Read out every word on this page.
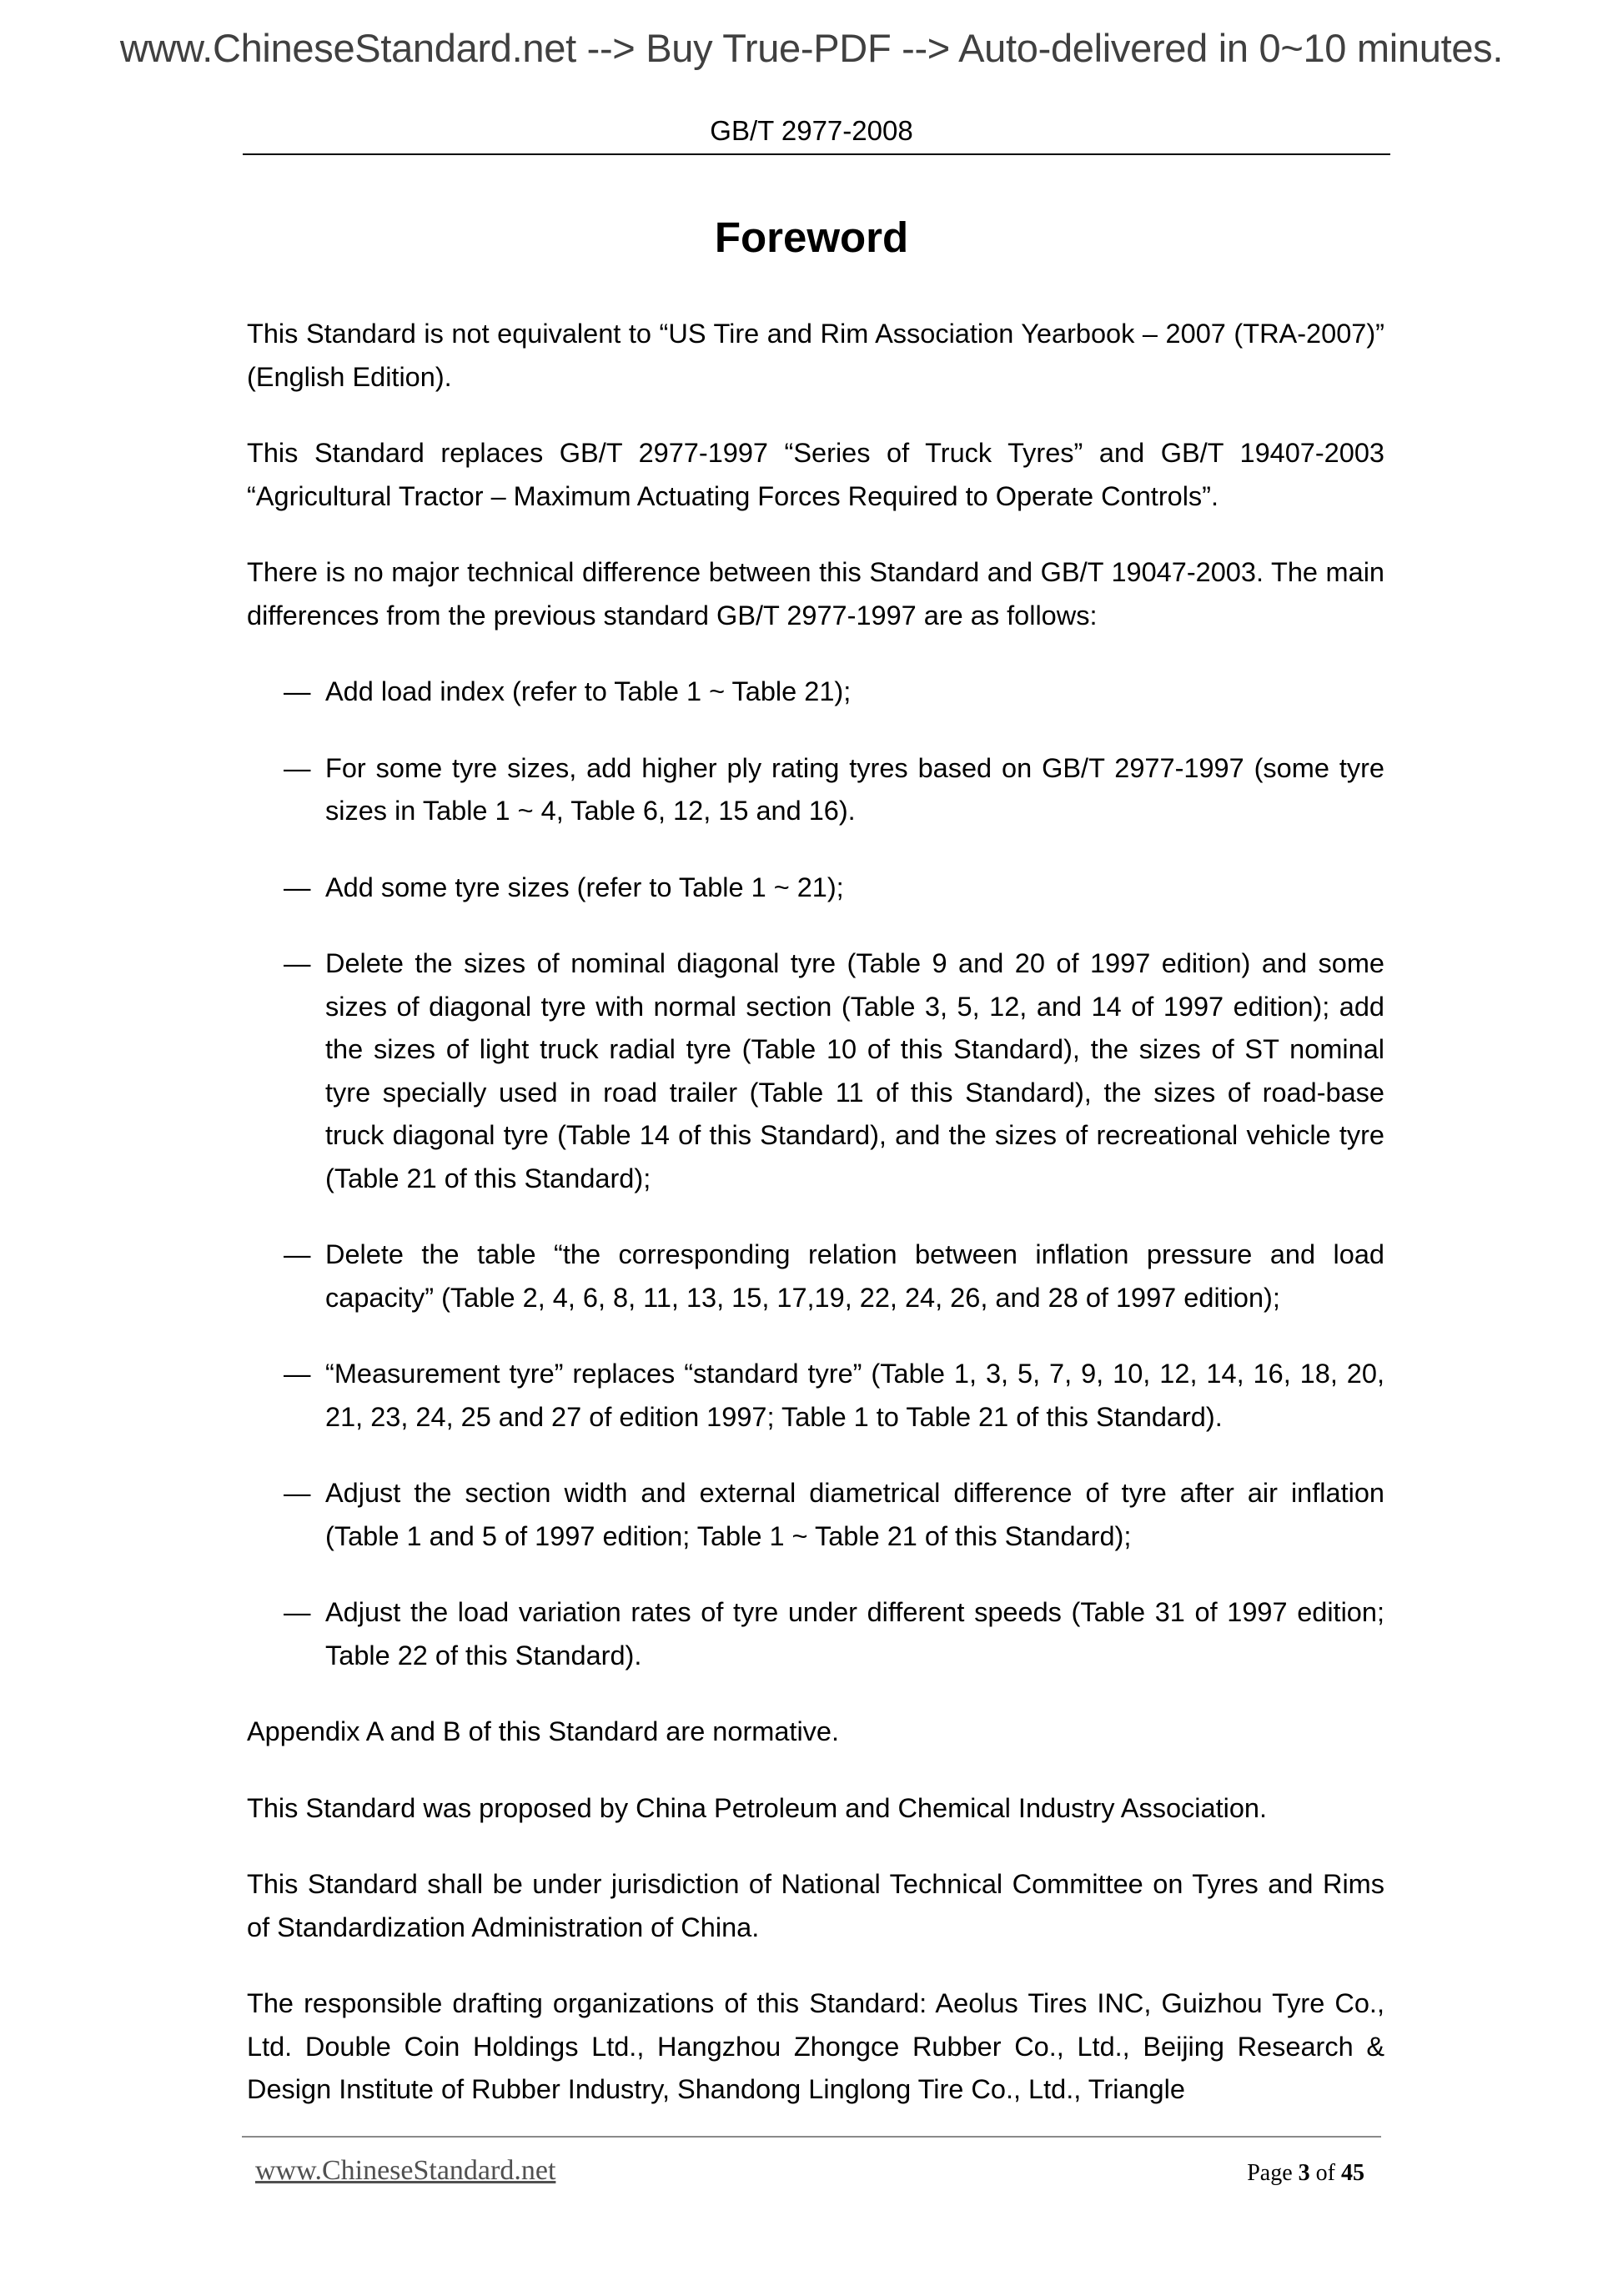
www.ChineseStandard.net --> Buy True-PDF --> Auto-delivered in 0~10 minutes.
GB/T 2977-2008
Foreword

This Standard is not equivalent to “US Tire and Rim Association Yearbook – 2007 (TRA-2007)” (English Edition).

This Standard replaces GB/T 2977-1997 “Series of Truck Tyres” and GB/T 19407-2003 “Agricultural Tractor – Maximum Actuating Forces Required to Operate Controls”.

There is no major technical difference between this Standard and GB/T 19047-2003. The main differences from the previous standard GB/T 2977-1997 are as follows:

— Add load index (refer to Table 1 ~ Table 21);
— For some tyre sizes, add higher ply rating tyres based on GB/T 2977-1997 (some tyre sizes in Table 1 ~ 4, Table 6, 12, 15 and 16).
— Add some tyre sizes (refer to Table 1 ~ 21);
— Delete the sizes of nominal diagonal tyre (Table 9 and 20 of 1997 edition) and some sizes of diagonal tyre with normal section (Table 3, 5, 12, and 14 of 1997 edition); add the sizes of light truck radial tyre (Table 10 of this Standard), the sizes of ST nominal tyre specially used in road trailer (Table 11 of this Standard), the sizes of road-base truck diagonal tyre (Table 14 of this Standard), and the sizes of recreational vehicle tyre (Table 21 of this Standard);
— Delete the table “the corresponding relation between inflation pressure and load capacity” (Table 2, 4, 6, 8, 11, 13, 15, 17,19, 22, 24, 26, and 28 of 1997 edition);
— “Measurement tyre” replaces “standard tyre” (Table 1, 3, 5, 7, 9, 10, 12, 14, 16, 18, 20, 21, 23, 24, 25 and 27 of edition 1997; Table 1 to Table 21 of this Standard).
— Adjust the section width and external diametrical difference of tyre after air inflation (Table 1 and 5 of 1997 edition; Table 1 ~ Table 21 of this Standard);
— Adjust the load variation rates of tyre under different speeds (Table 31 of 1997 edition; Table 22 of this Standard).

Appendix A and B of this Standard are normative.

This Standard was proposed by China Petroleum and Chemical Industry Association.

This Standard shall be under jurisdiction of National Technical Committee on Tyres and Rims of Standardization Administration of China.

The responsible drafting organizations of this Standard: Aeolus Tires INC, Guizhou Tyre Co., Ltd. Double Coin Holdings Ltd., Hangzhou Zhongce Rubber Co., Ltd., Beijing Research & Design Institute of Rubber Industry, Shandong Linglong Tire Co., Ltd., Triangle

www.ChineseStandard.net	Page 3 of 45
